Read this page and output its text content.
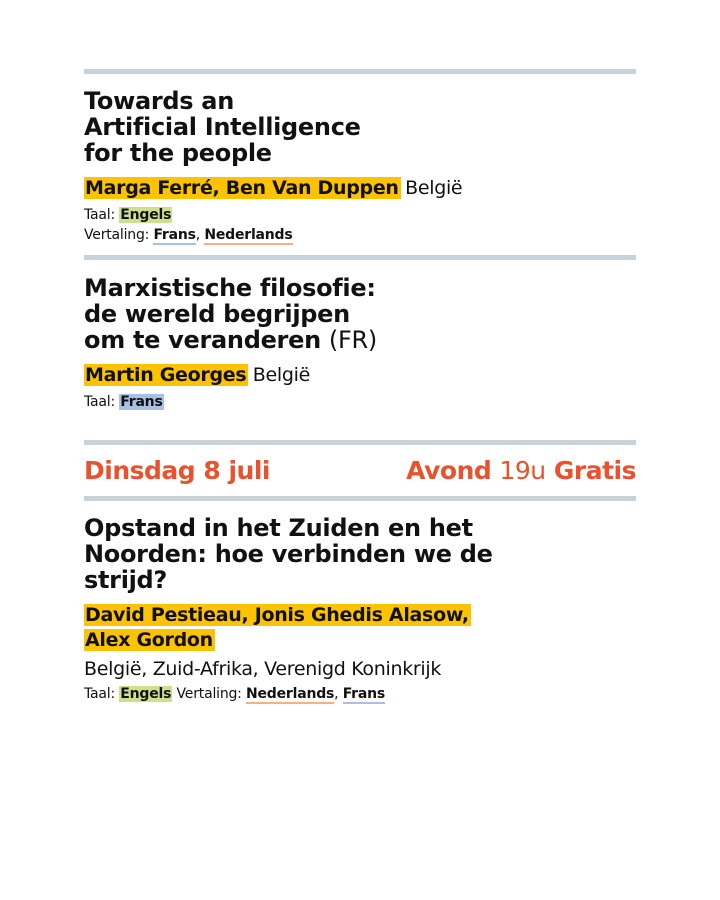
Towards an
Artificial Intelligence
for the people
Marga Ferré, Ben Van Duppen België
Taal: Engels
Vertaling: Frans, Nederlands
Marxistische filosofie:
de wereld begrijpen
om te veranderen (FR)
Martin Georges België
Taal: Frans
Dinsdag 8 juli	Avond 19u Gratis
Opstand in het Zuiden en het
Noorden: hoe verbinden we de
strijd?
David Pestieau, Jonis Ghedis Alasow,
Alex Gordon
België, Zuid-Afrika, Verenigd Koninkrijk
Taal: Engels Vertaling: Nederlands, Frans
